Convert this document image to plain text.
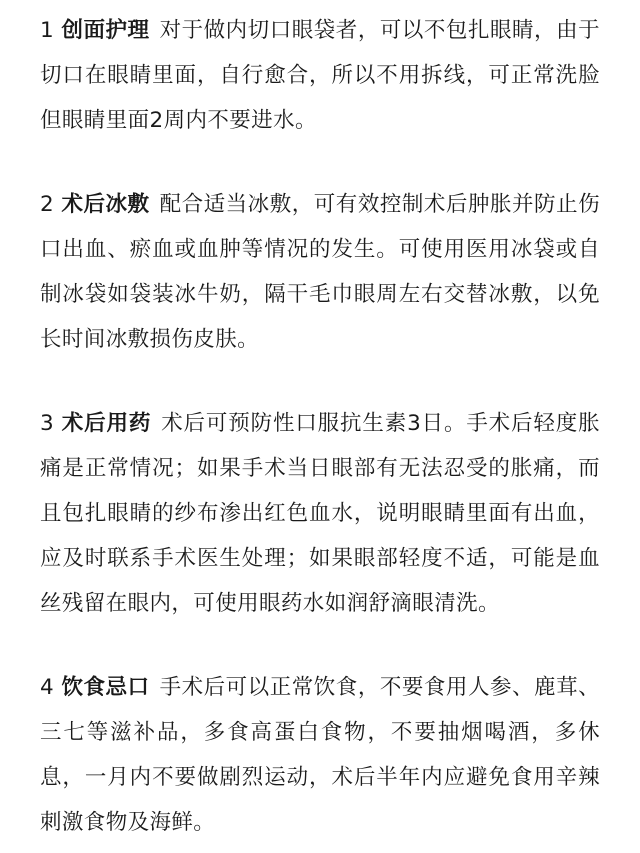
1 创面护理 对于做内切口眼袋者，可以不包扎眼睛，由于切口在眼睛里面，自行愈合，所以不用拆线，可正常洗脸但眼睛里面2周内不要进水。

2 术后冰敷 配合适当冰敷，可有效控制术后肿胀并防止伤口出血、瘀血或血肿等情况的发生。可使用医用冰袋或自制冰袋如袋装冰牛奶，隔干毛巾眼周左右交替冰敷，以免长时间冰敷损伤皮肤。

3 术后用药 术后可预防性口服抗生素3日。手术后轻度胀痛是正常情况；如果手术当日眼部有无法忍受的胀痛，而且包扎眼睛的纱布渗出红色血水，说明眼睛里面有出血，应及时联系手术医生处理；如果眼部轻度不适，可能是血丝残留在眼内，可使用眼药水如润舒滴眼清洗。

4 饮食忌口 手术后可以正常饮食，不要食用人参、鹿茸、三七等滋补品，多食高蛋白食物，不要抽烟喝酒，多休息，一月内不要做剧烈运动，术后半年内应避免食用辛辣刺激食物及海鲜。
